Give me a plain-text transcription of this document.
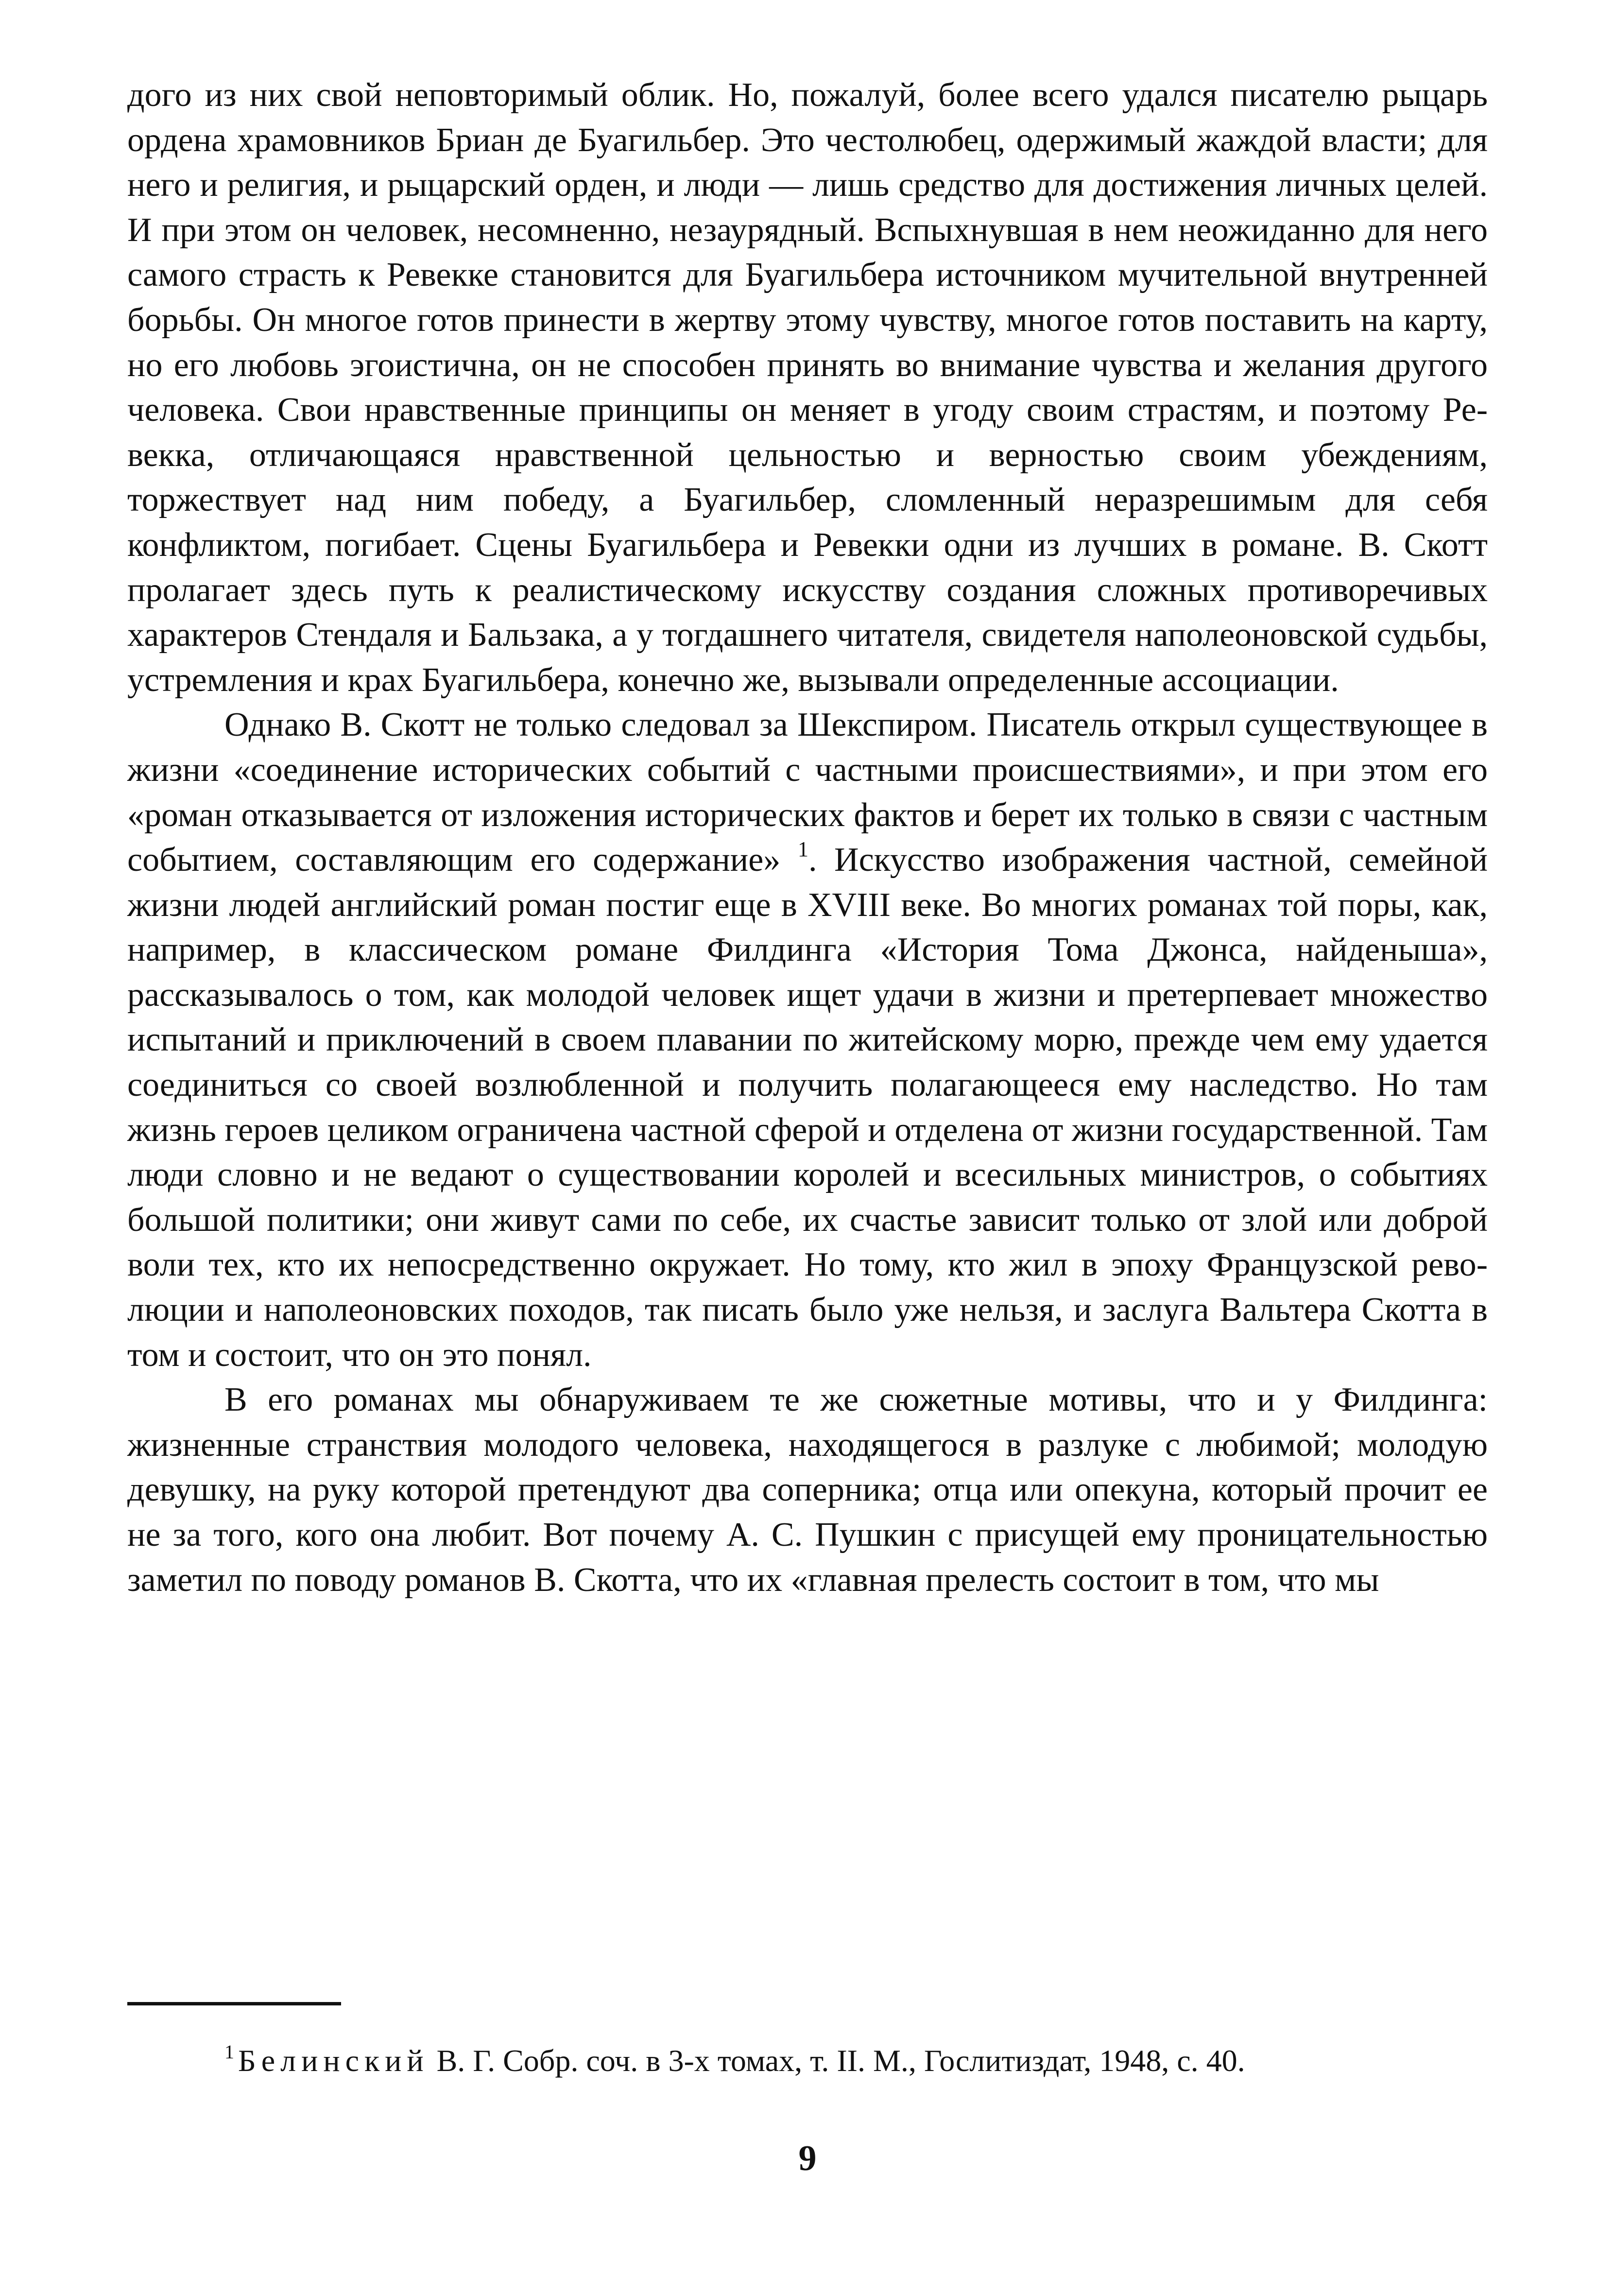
дого из них свой неповторимый облик. Но, пожалуй, более всего удался писателю рыцарь ордена храмовников Бриан де Буагильбер. Это честолюбец, одержимый жаждой власти; для него и религия, и рыцарский орден, и люди — лишь средство для достижения личных целей. И при этом он человек, несомненно, незаурядный. Вспыхнувшая в нем неожиданно для него самого страсть к Ревекке становится для Буагильбера источником мучительной внутренней борьбы. Он многое готов принести в жертву этому чувству, многое готов поставить на карту, но его любовь эгоистична, он не способен принять во внимание чувства и желания другого человека. Свои нравственные принципы он меняет в угоду своим страстям, и поэтому Ревекка, отличающаяся нравственной цельностью и верностью своим убеждениям, торжествует над ним победу, а Буагильбер, сломленный неразрешимым для себя конфликтом, погибает. Сцены Буагильбера и Ревекки одни из лучших в романе. В. Скотт пролагает здесь путь к реалистическому искусству создания сложных противоречивых характеров Стендаля и Бальзака, а у тогдашнего читателя, свидетеля наполеоновской судьбы, устремления и крах Буагильбера, конечно же, вызывали определенные ассоциации.

Однако В. Скотт не только следовал за Шекспиром. Писатель открыл существующее в жизни «соединение исторических событий с частными происшествиями», и при этом его «роман отказывается от изложения исторических фактов и берет их только в связи с частным событием, составляющим его содержание» $^1$. Искусство изображения частной, семейной жизни людей английский роман постиг еще в XVIII веке. Во многих романах той поры, как, например, в классическом романе Филдинга «История Тома Джонса, найденыша», рассказывалось о том, как молодой человек ищет удачи в жизни и претерпевает множество испытаний и приключений в своем плавании по житейскому морю, прежде чем ему удается соединиться со своей возлюбленной и получить полагающееся ему наследство. Но там жизнь героев целиком ограничена частной сферой и отделена от жизни государственной. Там люди словно и не ведают о существовании королей и всесильных министров, о событиях большой политики; они живут сами по себе, их счастье зависит только от злой или доброй воли тех, кто их непосредственно окружает. Но тому, кто жил в эпоху Французской революции и наполеоновских походов, так писать было уже нельзя, и заслуга Вальтера Скотта в том и состоит, что он это понял.

В его романах мы обнаруживаем те же сюжетные мотивы, что и у Филдинга: жизненные странствия молодого человека, находящегося в разлуке с любимой; молодую девушку, на руку которой претендуют два соперника; отца или опекуна, который прочит ее не за того, кого она любит. Вот почему А. С. Пушкин с присущей ему проницательностью заметил по поводу романов В. Скотта, что их «главная прелесть состоит в том, что мы

$^1$ Белинский В. Г. Собр. соч. в 3-х томах, т. II. М., Гослитиздат, 1948, с. 40.
9
